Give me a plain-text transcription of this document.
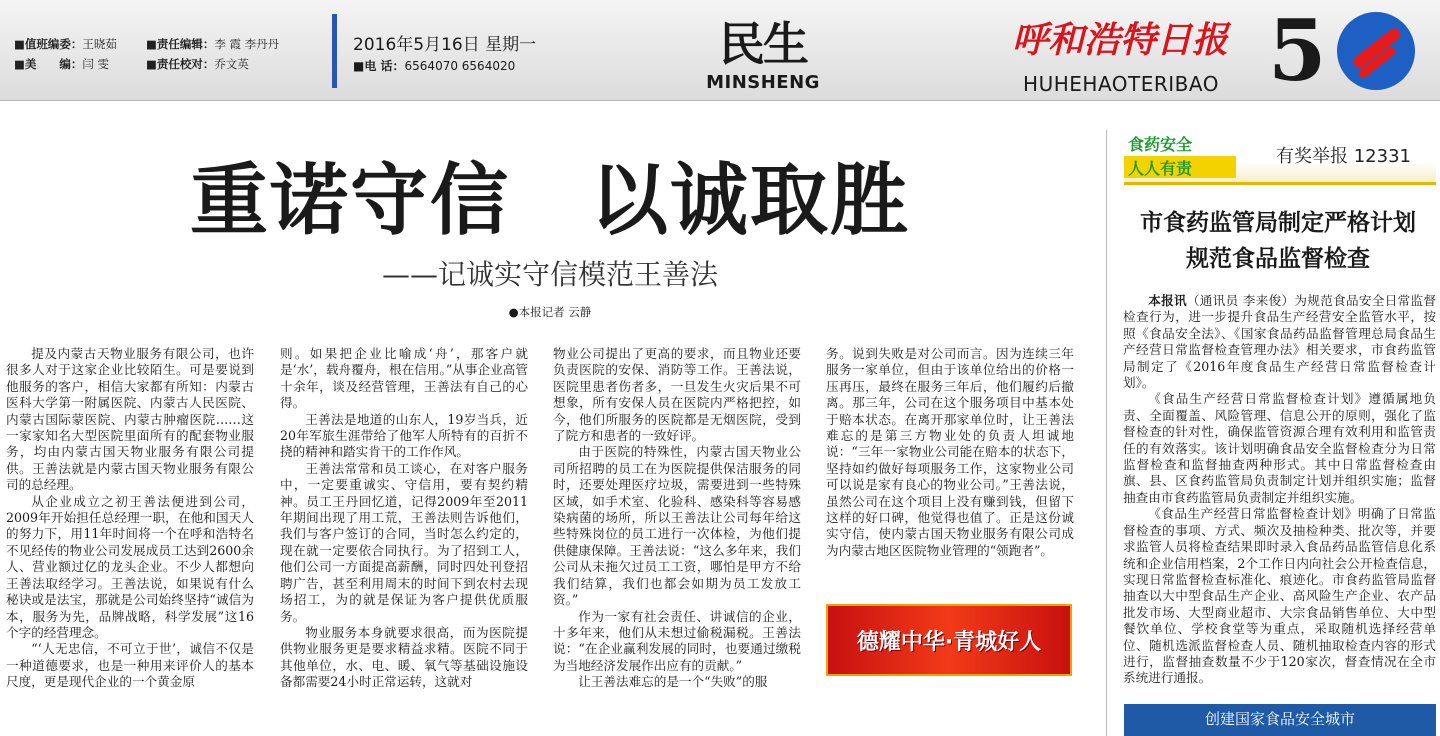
■值班编委：王晓茹	■责任编辑：李 霞 李丹丹
■美　　编：闫 雯	■责任校对：乔文英
2016年5月16日 星期一
■电 话：6564070 6564020	民生
MINSHENG
呼和浩特日报
HUHEHAOTERIBAO 5
重诺守信　以诚取胜
——记诚实守信模范王善法
●本报记者 云静

提及内蒙古天物业服务有限公司，也许很多人对于这家企业比较陌生。可是要说到他服务的客户，相信大家都有所知：内蒙古医科大学第一附属医院、内蒙古人民医院、内蒙古国际蒙医院、内蒙古肿瘤医院……这一家家知名大型医院里面所有的配套物业服务，均由内蒙古国天物业服务有限公司提供。王善法就是内蒙古国天物业服务有限公司的总经理。

从企业成立之初王善法便进到公司，2009年开始担任总经理一职，在他和国天人的努力下，用11年时间将一个在呼和浩特名不见经传的物业公司发展成员工达到2600余人、营业额过亿的龙头企业。不少人都想向王善法取经学习。王善法说，如果说有什么秘诀或是法宝，那就是公司始终坚持“诚信为本，服务为先，品牌战略，科学发展”这16个字的经营理念。

“‘人无忠信，不可立于世’，诚信不仅是一种道德要求，也是一种用来评价人的基本尺度，更是现代企业的一个黄金原

则。如果把企业比喻成‘舟’，那客户就是‘水’，载舟覆舟，根在信用。”从事企业高管十余年，谈及经营管理，王善法有自己的心得。

王善法是地道的山东人，19岁当兵，近20年军旅生涯带给了他军人所特有的百折不挠的精神和踏实肯干的工作作风。

王善法常常和员工谈心，在对客户服务中，一定要重诚实、守信用，要有契约精神。员工王丹回忆道，记得2009年至2011年期间出现了用工荒，王善法则告诉他们，我们与客户签订的合同，当时怎么约定的，现在就一定要依合同执行。为了招到工人，他们公司一方面提高薪酬，同时四处刊登招聘广告，甚至利用周末的时间下到农村去现场招工，为的就是保证为客户提供优质服务。

物业服务本身就要求很高，而为医院提供物业服务更是要求精益求精。医院不同于其他单位，水、电、暖、氧气等基础设施设备都需要24小时正常运转，这就对

物业公司提出了更高的要求，而且物业还要负责医院的安保、消防等工作。王善法说，医院里患者伤者多，一旦发生火灾后果不可想象，所有安保人员在医院内严格把控，如今，他们所服务的医院都是无烟医院，受到了院方和患者的一致好评。

由于医院的特殊性，内蒙古国天物业公司所招聘的员工在为医院提供保洁服务的同时，还要处理医疗垃圾，需要进到一些特殊区域，如手术室、化验科、感染科等容易感染病菌的场所，所以王善法让公司每年给这些特殊岗位的员工进行一次体检，为他们提供健康保障。王善法说：“这么多年来，我们公司从未拖欠过员工工资，哪怕是甲方不给我们结算，我们也都会如期为员工发放工资。”

作为一家有社会责任、讲诚信的企业，十多年来，他们从未想过偷税漏税。王善法说：“在企业赢利发展的同时，也要通过缴税为当地经济发展作出应有的贡献。”

让王善法难忘的是一个“失败”的服

务。说到失败是对公司而言。因为连续三年服务一家单位，但由于该单位给出的价格一压再压，最终在服务三年后，他们履约后撤离。那三年，公司在这个服务项目中基本处于赔本状态。在离开那家单位时，让王善法难忘的是第三方物业处的负责人坦诚地说：“三年一家物业公司能在赔本的状态下，坚持如约做好每项服务工作，这家物业公司可以说是家有良心的物业公司。”王善法说，虽然公司在这个项目上没有赚到钱，但留下这样的好口碑，他觉得也值了。正是这份诚实守信，使内蒙古国天物业服务有限公司成为内蒙古地区医院物业管理的“领跑者”。

德耀中华·青城好人
食药安全
人人有责
有奖举报 12331
市食药监管局制定严格计划
规范食品监督检查

本报讯（通讯员 李来俊）为规范食品安全日常监督检查行为，进一步提升食品生产经营安全监管水平，按照《食品安全法》、《国家食品药品监督管理总局食品生产经营日常监督检查管理办法》相关要求，市食药监管局制定了《2016年度食品生产经营日常监督检查计划》。

《食品生产经营日常监督检查计划》遵循属地负责、全面覆盖、风险管理、信息公开的原则，强化了监督检查的针对性，确保监管资源合理有效利用和监管责任的有效落实。该计划明确食品安全监督检查分为日常监督检查和监督抽查两种形式。其中日常监督检查由旗、县、区食药监管局负责制定计划并组织实施；监督抽查由市食药监管局负责制定并组织实施。

《食品生产经营日常监督检查计划》明确了日常监督检查的事项、方式、频次及抽检种类、批次等，并要求监管人员将检查结果即时录入食品药品监管信息化系统和企业信用档案，2个工作日内向社会公开检查信息，实现日常监督检查标准化、痕迹化。市食药监管局监督抽查以大中型食品生产企业、高风险生产企业、农产品批发市场、大型商业超市、大宗食品销售单位、大中型餐饮单位、学校食堂等为重点，采取随机选择经营单位、随机选派监督检查人员、随机抽取检查内容的形式进行，监督抽查数量不少于120家次，督查情况在全市系统进行通报。

创建国家食品安全城市
